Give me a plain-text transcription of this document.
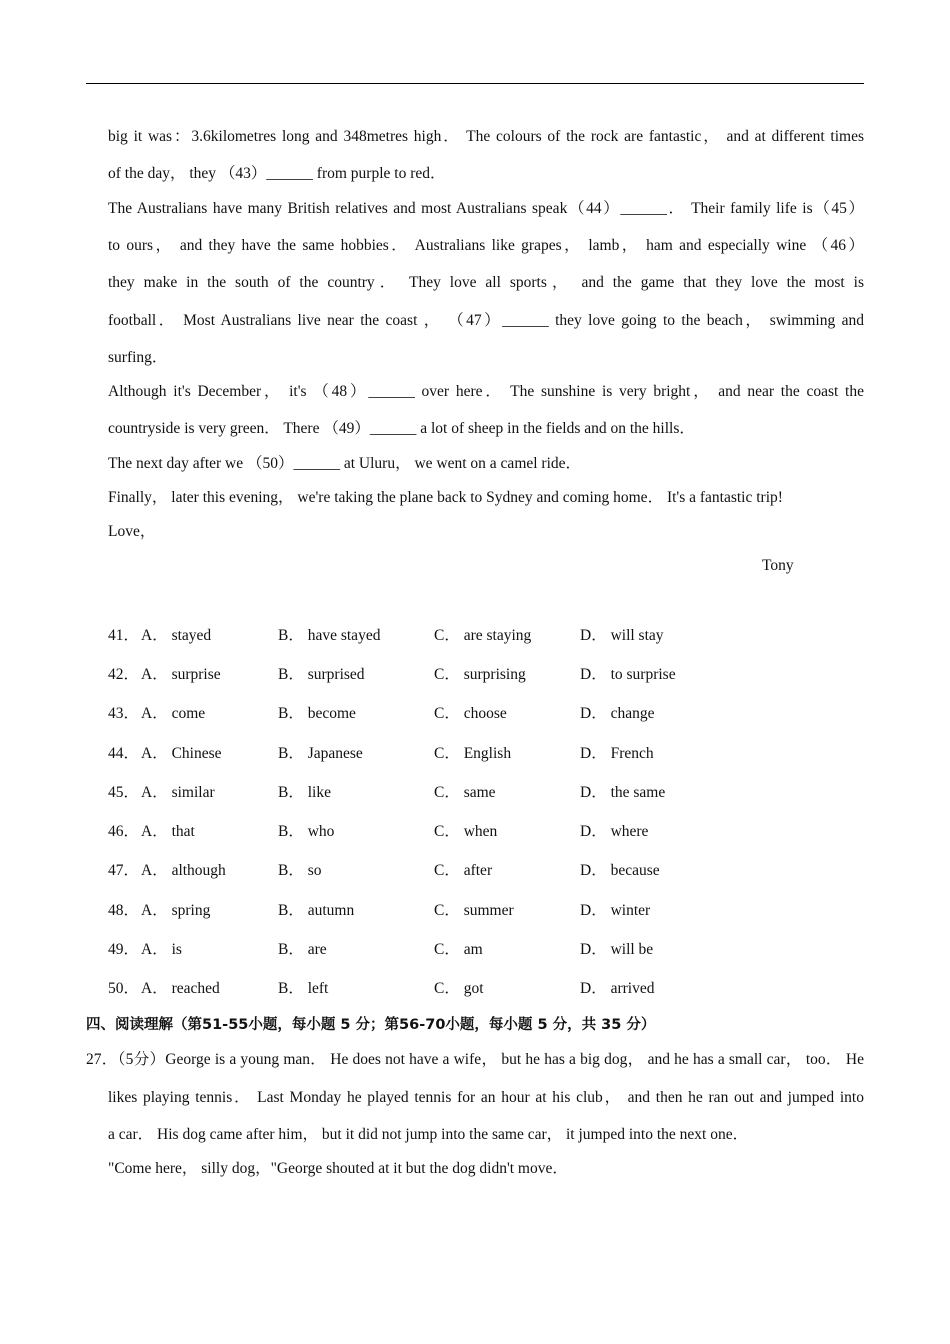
big it was：3.6kilometres long and 348metres high． The colours of the rock are fantastic， and at different times
of the day， they （43）______ from purple to red．
The Australians have many British relatives and most Australians speak（44）______． Their family life is（45）
to ours， and they have the same hobbies． Australians like grapes， lamb， ham and especially wine （46）
they make in the south of the country． They love all sports， and the game that they love the most is
football． Most Australians live near the coast ， （47）______ they love going to the beach， swimming and
surfing．
Although it's December， it's （48）______ over here． The sunshine is very bright， and near the coast the
countryside is very green． There （49）______ a lot of sheep in the fields and on the hills．
The next day after we （50）______ at Uluru， we went on a camel ride．
Finally， later this evening， we're taking the plane back to Sydney and coming home． It's a fantastic trip!
Love，
Tony
41． A． stayed	B． have stayed	C． are staying	D． will stay
42． A． surprise	B． surprised	C． surprising	D． to surprise
43． A． come	B． become	C． choose	D． change
44． A． Chinese	B． Japanese	C． English	D． French
45． A． similar	B． like	C． same	D． the same
46． A． that	B． who	C． when	D． where
47． A． although	B． so	C． after	D． because
48． A． spring	B． autumn	C． summer	D． winter
49． A． is	B． are	C． am	D． will be
50． A． reached	B． left	C． got	D． arrived
四、阅读理解（第51-55小题，每小题 5 分；第56-70小题，每小题 5 分，共 35 分）
27．（5分）George is a young man． He does not have a wife， but he has a big dog， and he has a small car， too． He
likes playing tennis． Last Monday he played tennis for an hour at his club， and then he ran out and jumped into
a car． His dog came after him， but it did not jump into the same car， it jumped into the next one．
"Come here， silly dog，"George shouted at it but the dog didn't move．
